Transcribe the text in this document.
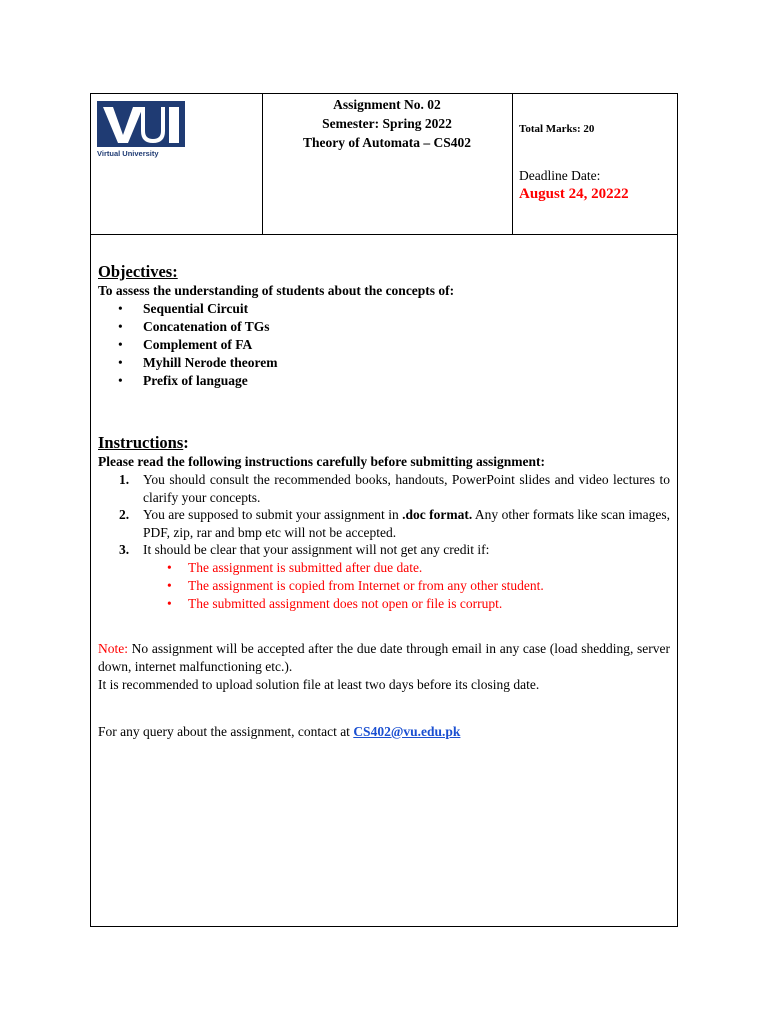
Virtual University
Assignment No. 02
Semester: Spring 2022
Theory of Automata – CS402
Total Marks: 20
Deadline Date:
August 24, 20222
Objectives:
To assess the understanding of students about the concepts of:
• Sequential Circuit
• Concatenation of TGs
• Complement of FA
• Myhill Nerode theorem
• Prefix of language
Instructions:
Please read the following instructions carefully before submitting assignment:
1. You should consult the recommended books, handouts, PowerPoint slides and video lectures to clarify your concepts.
2. You are supposed to submit your assignment in .doc format. Any other formats like scan images, PDF, zip, rar and bmp etc will not be accepted.
3. It should be clear that your assignment will not get any credit if:
• The assignment is submitted after due date.
• The assignment is copied from Internet or from any other student.
• The submitted assignment does not open or file is corrupt.
Note: No assignment will be accepted after the due date through email in any case (load shedding, server down, internet malfunctioning etc.).
It is recommended to upload solution file at least two days before its closing date.
For any query about the assignment, contact at CS402@vu.edu.pk
